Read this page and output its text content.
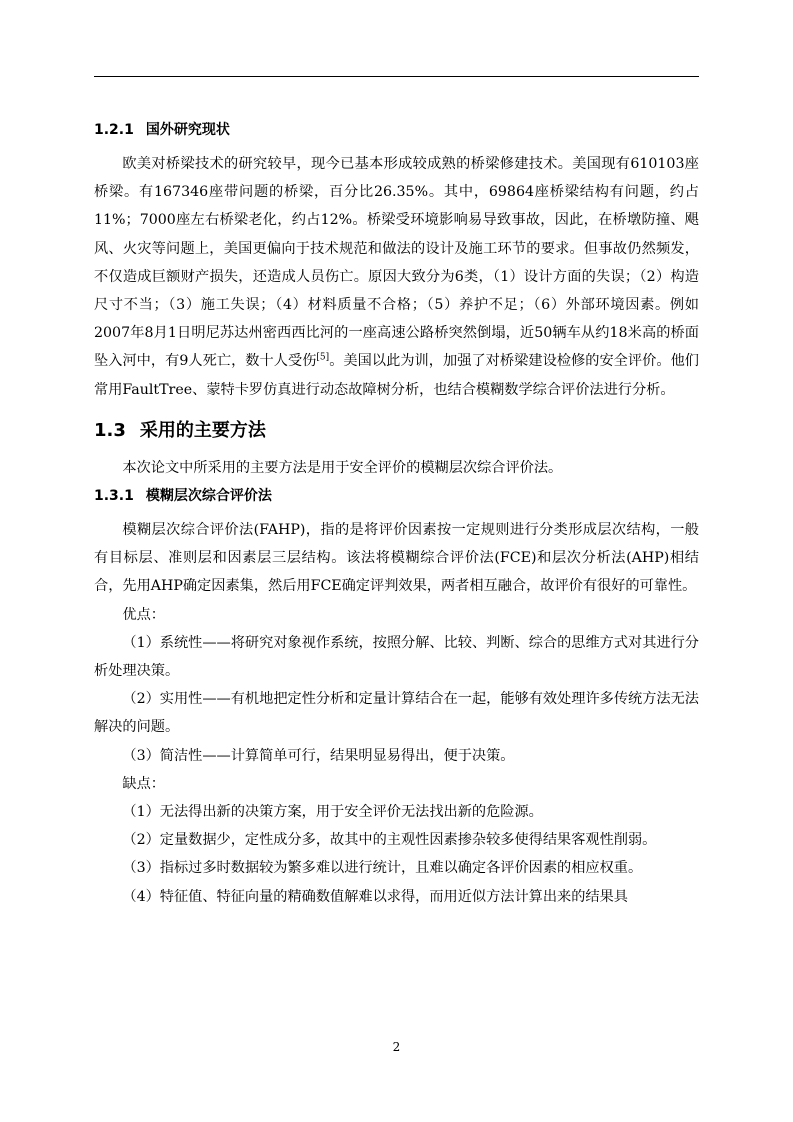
1.2.1 国外研究现状

欧美对桥梁技术的研究较早，现今已基本形成较成熟的桥梁修建技术。美国现有610103座桥梁。有167346座带问题的桥梁，百分比26.35%。其中，69864座桥梁结构有问题，约占11%；7000座左右桥梁老化，约占12%。桥梁受环境影响易导致事故，因此，在桥墩防撞、飓风、火灾等问题上，美国更偏向于技术规范和做法的设计及施工环节的要求。但事故仍然频发，不仅造成巨额财产损失，还造成人员伤亡。原因大致分为6类，（1）设计方面的失误；（2）构造尺寸不当；（3）施工失误；（4）材料质量不合格；（5）养护不足；（6）外部环境因素。例如2007年8月1日明尼苏达州密西西比河的一座高速公路桥突然倒塌，近50辆车从约18米高的桥面坠入河中，有9人死亡，数十人受伤[5]。美国以此为训，加强了对桥梁建设检修的安全评价。他们常用FaultTree、蒙特卡罗仿真进行动态故障树分析，也结合模糊数学综合评价法进行分析。

1.3 采用的主要方法

本次论文中所采用的主要方法是用于安全评价的模糊层次综合评价法。

1.3.1 模糊层次综合评价法

模糊层次综合评价法(FAHP)，指的是将评价因素按一定规则进行分类形成层次结构，一般有目标层、准则层和因素层三层结构。该法将模糊综合评价法(FCE)和层次分析法(AHP)相结合，先用AHP确定因素集，然后用FCE确定评判效果，两者相互融合，故评价有很好的可靠性。

优点：

（1）系统性——将研究对象视作系统，按照分解、比较、判断、综合的思维方式对其进行分析处理决策。

（2）实用性——有机地把定性分析和定量计算结合在一起，能够有效处理许多传统方法无法解决的问题。

（3）简洁性——计算简单可行，结果明显易得出，便于决策。

缺点：

（1）无法得出新的决策方案，用于安全评价无法找出新的危险源。

（2）定量数据少，定性成分多，故其中的主观性因素掺杂较多使得结果客观性削弱。

（3）指标过多时数据较为繁多难以进行统计，且难以确定各评价因素的相应权重。

（4）特征值、特征向量的精确数值解难以求得，而用近似方法计算出来的结果具

2
